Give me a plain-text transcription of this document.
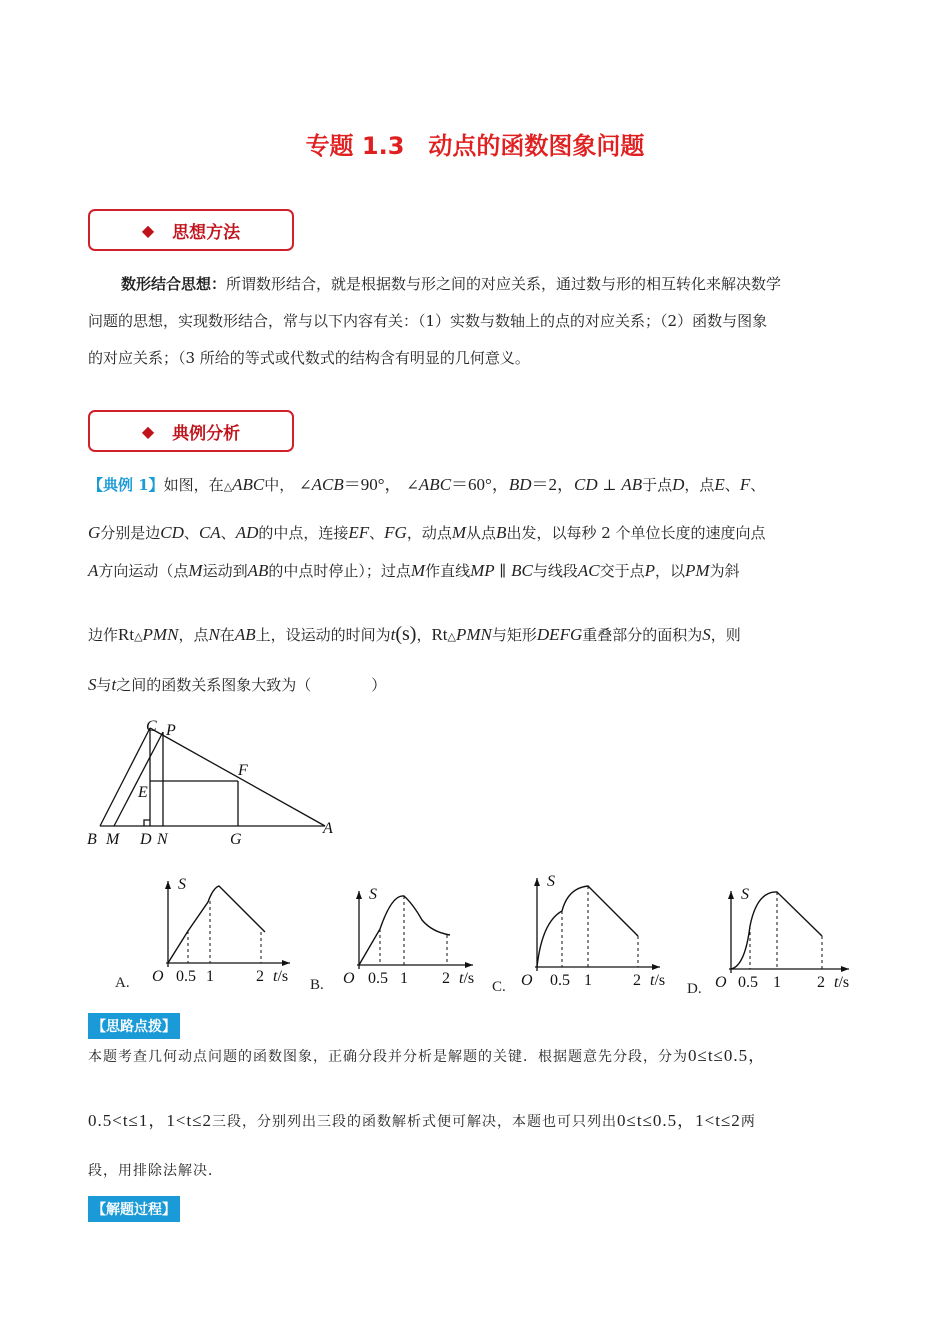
专题 1.3　动点的函数图象问题
◆ 思想方法
数形结合思想：所谓数形结合，就是根据数与形之间的对应关系，通过数与形的相互转化来解决数学
问题的思想，实现数形结合，常与以下内容有关：（1）实数与数轴上的点的对应关系；（2）函数与图象
的对应关系；（3 所给的等式或代数式的结构含有明显的几何意义。
◆ 典例分析
【典例 1】如图，在△ABC中， ∠ACB＝90°， ∠ABC＝60°，BD＝2，CD ⊥ AB于点D，点E、F、
G分别是边CD、CA、AD的中点，连接EF、FG，动点M从点B出发，以每秒 2 个单位长度的速度向点
A方向运动（点M运动到AB的中点时停止）；过点M作直线MP ∥ BC与线段AC交于点P，以PM为斜
边作Rt△PMN，点N在AB上，设运动的时间为t(s)，Rt△PMN与矩形DEFG重叠部分的面积为S，则
S与t之间的函数关系图象大致为（　　　　）
C P
F
E
B M D N	G
A
A.
S
O 0.5 1	2 t/s B.
S
O 0.5 1 2 t/s C.
S
O 0.5 1	2 t/s D.
S
O 0.5 1 2 t/s
【思路点拨】
本题考查几何动点问题的函数图象，正确分段并分析是解题的关键．根据题意先分段，分为0≤t≤0.5，
0.5<t≤1，1<t≤2三段，分别列出三段的函数解析式便可解决，本题也可只列出0≤t≤0.5，1<t≤2两
段，用排除法解决．
【解题过程】
